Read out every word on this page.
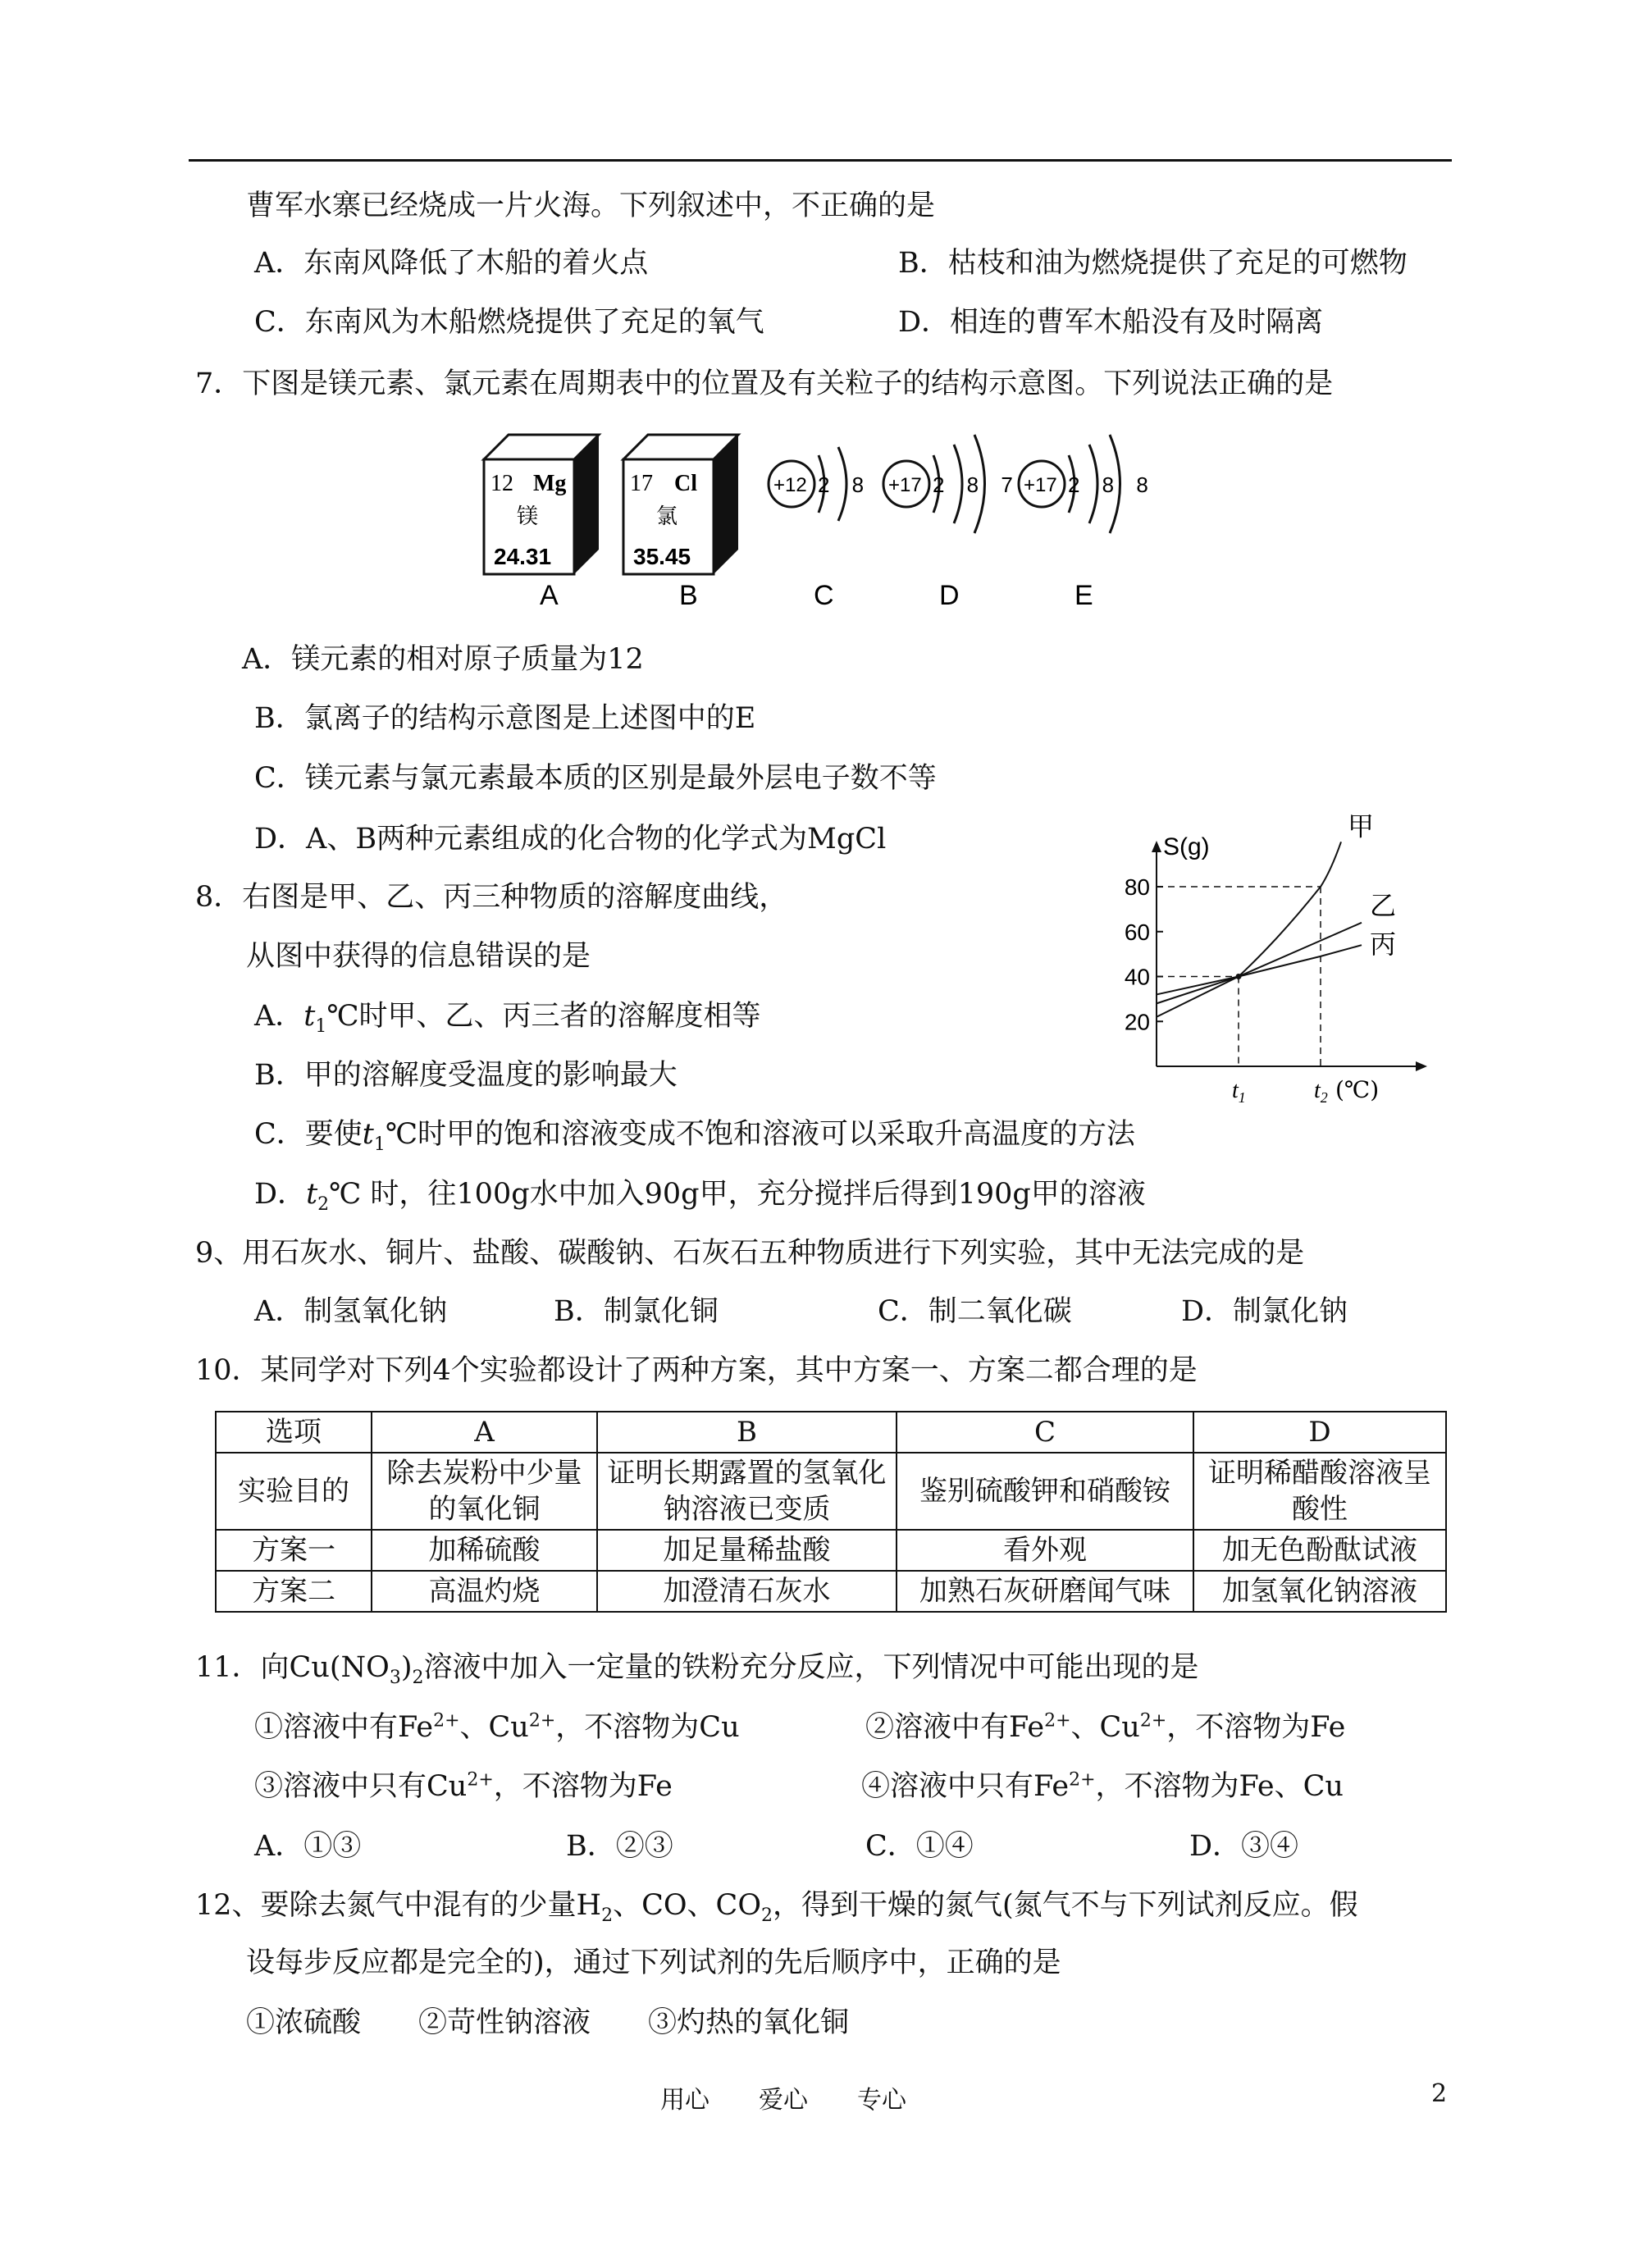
曹军水寨已经烧成一片火海。下列叙述中，不正确的是
A．东南风降低了木船的着火点	B．枯枝和油为燃烧提供了充足的可燃物
C．东南风为木船燃烧提供了充足的氧气	D．相连的曹军木船没有及时隔离
7．下图是镁元素、氯元素在周期表中的位置及有关粒子的结构示意图。下列说法正确的是
12 Mg
镁
24.31
17 Cl
氯
35.45
+12 2 8 +17 2 8 7 +17 2 8 8
A	B	C	D	E
A．镁元素的相对原子质量为12
B．氯离子的结构示意图是上述图中的E
C．镁元素与氯元素最本质的区别是最外层电子数不等
D．A、B两种元素组成的化合物的化学式为MgCl
8．右图是甲、乙、丙三种物质的溶解度曲线，
从图中获得的信息错误的是
A．$t_1℃$时甲、乙、丙三者的溶解度相等
B．甲的溶解度受温度的影响最大
C．要使$t_1℃$时甲的饱和溶液变成不饱和溶液可以采取升高温度的方法
D．$t_2℃$ 时，往100g水中加入90g甲，充分搅拌后得到190g甲的溶液
S(g)
20
40
60
80
$t_1$	$t_2$ (℃)
甲
乙
丙
9、用石灰水、铜片、盐酸、碳酸钠、石灰石五种物质进行下列实验，其中无法完成的是
A．制氢氧化钠	B．制氯化铜	C．制二氧化碳	D．制氯化钠
10．某同学对下列4个实验都设计了两种方案，其中方案一、方案二都合理的是
选项	A	B	C	D
实验目的	除去炭粉中少量的氧化铜	证明长期露置的氢氧化钠溶液已变质	鉴别硫酸钾和硝酸铵	证明稀醋酸溶液呈酸性
方案一	加稀硫酸	加足量稀盐酸	看外观	加无色酚酞试液
方案二	高温灼烧	加澄清石灰水	加熟石灰研磨闻气味	加氢氧化钠溶液
11．向$Cu(NO_3)_2$溶液中加入一定量的铁粉充分反应，下列情况中可能出现的是
①溶液中有$Fe^{2+}$、$Cu^{2+}$，不溶物为Cu	②溶液中有$Fe^{2+}$、$Cu^{2+}$，不溶物为Fe
③溶液中只有$Cu^{2+}$，不溶物为Fe	④溶液中只有$Fe^{2+}$，不溶物为Fe、Cu
A．①③	B．②③	C．①④	D．③④
12、要除去氮气中混有的少量$H_2$、CO、$CO_2$，得到干燥的氮气(氮气不与下列试剂反应。假
设每步反应都是完全的)，通过下列试剂的先后顺序中，正确的是
①浓硫酸　　②苛性钠溶液　　③灼热的氧化铜
用心　　爱心　　专心	2
